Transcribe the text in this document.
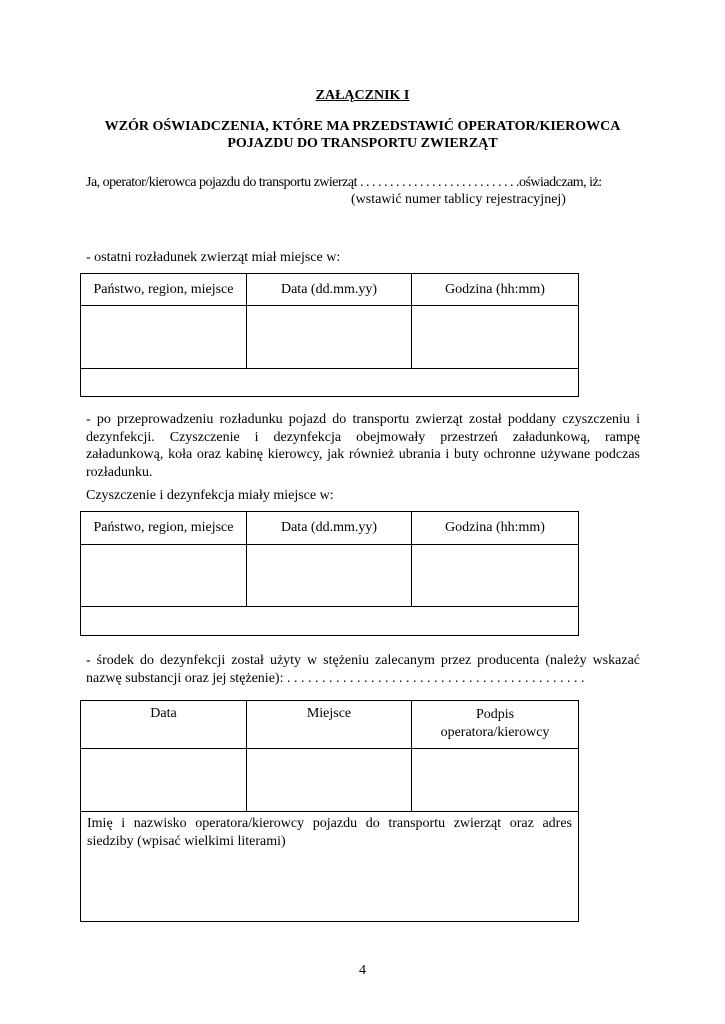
ZAŁĄCZNIK I
WZÓR OŚWIADCZENIA, KTÓRE MA PRZEDSTAWIĆ OPERATOR/KIEROWCA POJAZDU DO TRANSPORTU ZWIERZĄT
Ja, operator/kierowca pojazdu do transportu zwierząt . . . . . . . . . . . . . . . . . . . . . . . . . . .oświadczam, iż:
(wstawić numer tablicy rejestracyjnej)
- ostatni rozładunek zwierząt miał miejsce w:
Państwo, region, miejsce	Data (dd.mm.yy)	Godzina (hh:mm)

- po przeprowadzeniu rozładunku pojazd do transportu zwierząt został poddany czyszczeniu i dezynfekcji. Czyszczenie i dezynfekcja obejmowały przestrzeń załadunkową, rampę załadunkową, koła oraz kabinę kierowcy, jak również ubrania i buty ochronne używane podczas rozładunku.
Czyszczenie i dezynfekcja miały miejsce w:
Państwo, region, miejsce	Data (dd.mm.yy)	Godzina (hh:mm)

- środek do dezynfekcji został użyty w stężeniu zalecanym przez producenta (należy wskazać nazwę substancji oraz jej stężenie): . . . . . . . . . . . . . . . . . . . . . . . . . . . . . . . . . . . . . . . . . . .
Data	Miejsce	Podpis operatora/kierowcy

Imię i nazwisko operatora/kierowcy pojazdu do transportu zwierząt oraz adres siedziby (wpisać wielkimi literami)		
4
